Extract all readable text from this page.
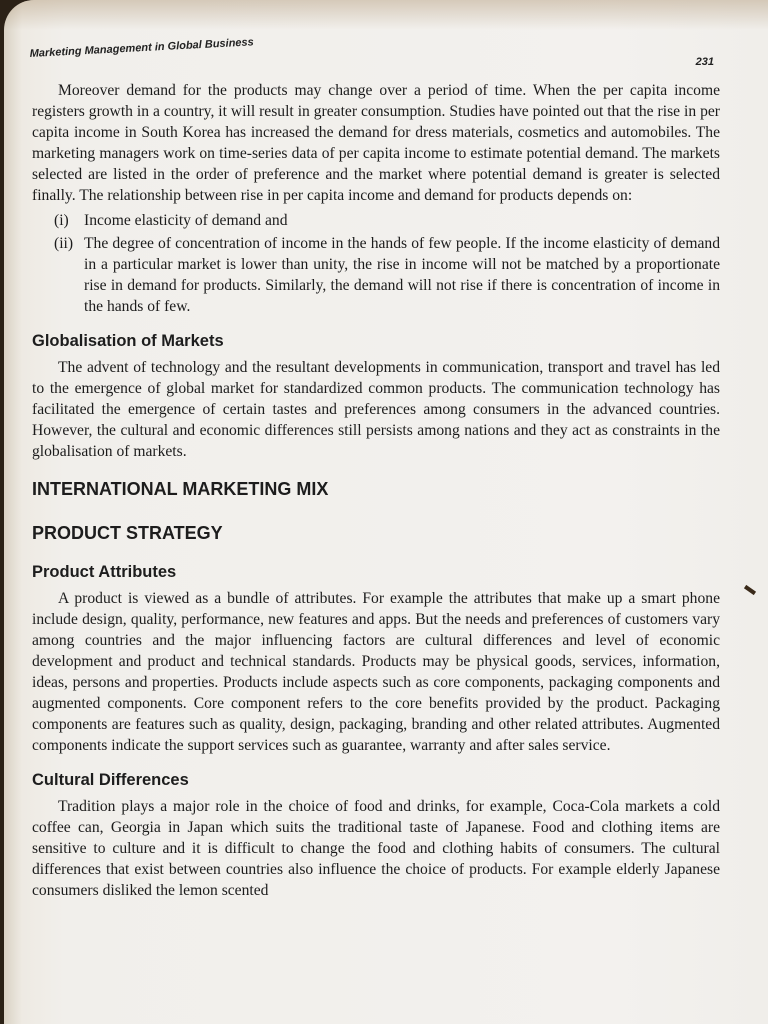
Marketing Management in Global Business
231

Moreover demand for the products may change over a period of time. When the per capita income registers growth in a country, it will result in greater consumption. Studies have pointed out that the rise in per capita income in South Korea has increased the demand for dress materials, cosmetics and automobiles. The marketing managers work on time-series data of per capita income to estimate potential demand. The markets selected are listed in the order of preference and the market where potential demand is greater is selected finally. The relationship between rise in per capita income and demand for products depends on:

(i) Income elasticity of demand and
(ii) The degree of concentration of income in the hands of few people. If the income elasticity of demand in a particular market is lower than unity, the rise in income will not be matched by a proportionate rise in demand for products. Similarly, the demand will not rise if there is concentration of income in the hands of few.
Globalisation of Markets

The advent of technology and the resultant developments in communication, transport and travel has led to the emergence of global market for standardized common products. The communication technology has facilitated the emergence of certain tastes and preferences among consumers in the advanced countries. However, the cultural and economic differences still persists among nations and they act as constraints in the globalisation of markets.

INTERNATIONAL MARKETING MIX
PRODUCT STRATEGY
Product Attributes

A product is viewed as a bundle of attributes. For example the attributes that make up a smart phone include design, quality, performance, new features and apps. But the needs and preferences of customers vary among countries and the major influencing factors are cultural differences and level of economic development and product and technical standards. Products may be physical goods, services, information, ideas, persons and properties. Products include aspects such as core components, packaging components and augmented components. Core component refers to the core benefits provided by the product. Packaging components are features such as quality, design, packaging, branding and other related attributes. Augmented components indicate the support services such as guarantee, warranty and after sales service.

Cultural Differences

Tradition plays a major role in the choice of food and drinks, for example, Coca-Cola markets a cold coffee can, Georgia in Japan which suits the traditional taste of Japanese. Food and clothing items are sensitive to culture and it is difficult to change the food and clothing habits of consumers. The cultural differences that exist between countries also influence the choice of products. For example elderly Japanese consumers disliked the lemon scented
